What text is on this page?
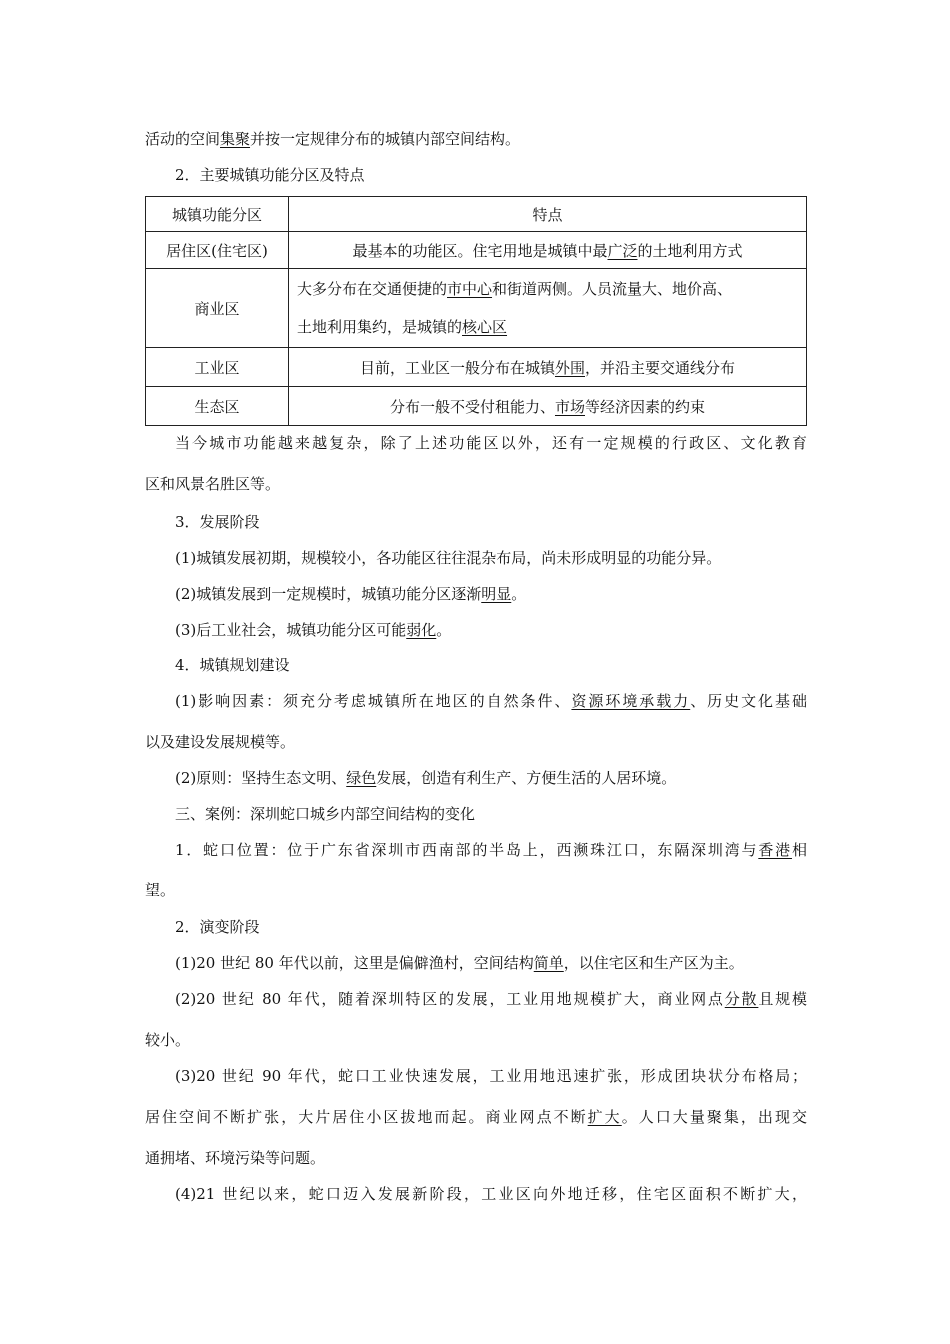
活动的空间集聚并按一定规律分布的城镇内部空间结构。
2．主要城镇功能分区及特点
城镇功能分区	特点
居住区(住宅区)	最基本的功能区。住宅用地是城镇中最广泛的土地利用方式
商业区	大多分布在交通便捷的市中心和街道两侧。人员流量大、地价高、
土地利用集约，是城镇的核心区

工业区	目前，工业区一般分布在城镇外围，并沿主要交通线分布
生态区	分布一般不受付租能力、市场等经济因素的约束
当今城市功能越来越复杂，除了上述功能区以外，还有一定规模的行政区、文化教育
区和风景名胜区等。
3．发展阶段
(1)城镇发展初期，规模较小，各功能区往往混杂布局，尚未形成明显的功能分异。
(2)城镇发展到一定规模时，城镇功能分区逐渐明显。
(3)后工业社会，城镇功能分区可能弱化。
4．城镇规划建设
(1)影响因素：须充分考虑城镇所在地区的自然条件、资源环境承载力、历史文化基础
以及建设发展规模等。
(2)原则：坚持生态文明、绿色发展，创造有利生产、方便生活的人居环境。
三、案例：深圳蛇口城乡内部空间结构的变化
1．蛇口位置：位于广东省深圳市西南部的半岛上，西濒珠江口，东隔深圳湾与香港相
望。
2．演变阶段
(1)20 世纪 80 年代以前，这里是偏僻渔村，空间结构简单，以住宅区和生产区为主。
(2)20 世纪 80 年代，随着深圳特区的发展，工业用地规模扩大，商业网点分散且规模
较小。
(3)20 世纪 90 年代，蛇口工业快速发展，工业用地迅速扩张，形成团块状分布格局；
居住空间不断扩张，大片居住小区拔地而起。商业网点不断扩大。人口大量聚集，出现交
通拥堵、环境污染等问题。
(4)21 世纪以来，蛇口迈入发展新阶段，工业区向外地迁移，住宅区面积不断扩大，
